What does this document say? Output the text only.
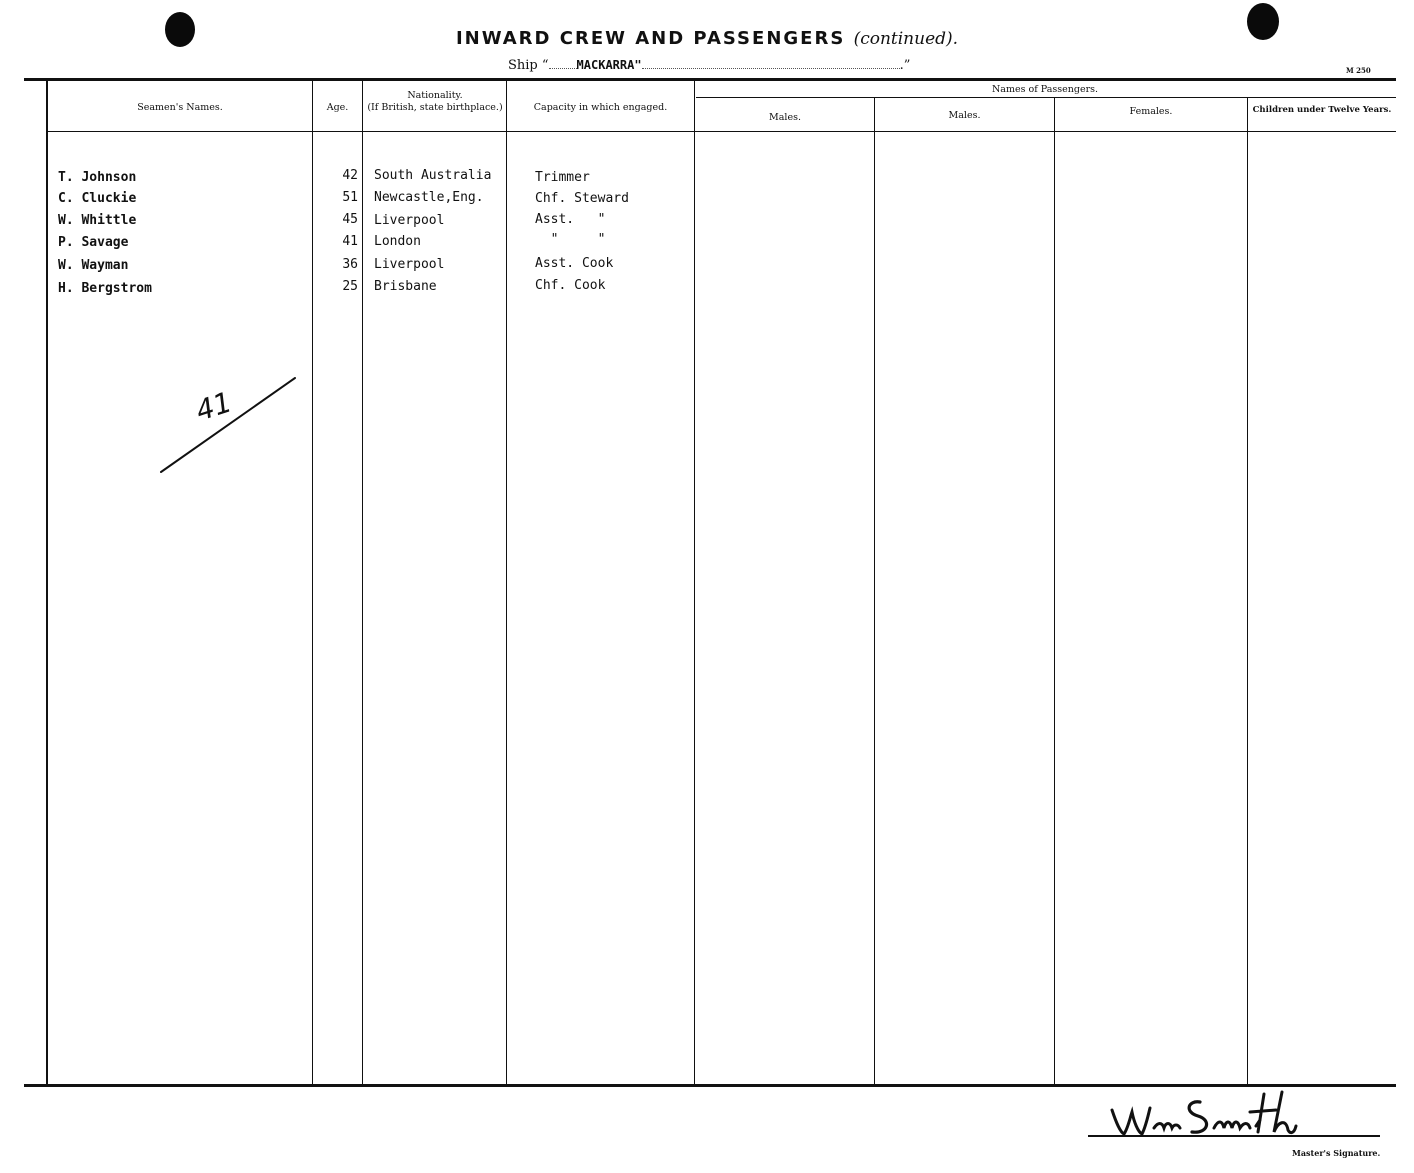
INWARD CREW AND PASSENGERS (continued).
Ship “ MACKARRA"	.”	M 250
Seamen's Names.	Age.
Nationality.
(If British, state birthplace.)	Capacity in which engaged.
Names of Passengers.
Males.	Males.	Females.	Children under Twelve Years.
T. Johnson	42 South Australia	Trimmer
C. Cluckie	51 Newcastle,Eng.	Chf. Steward
W. Whittle	45 Liverpool	Asst.   "
P. Savage	41 London	"     "
W. Wayman	36 Liverpool	Asst. Cook
H. Bergstrom	25 Brisbane	Chf. Cook
41
Master's Signature.
